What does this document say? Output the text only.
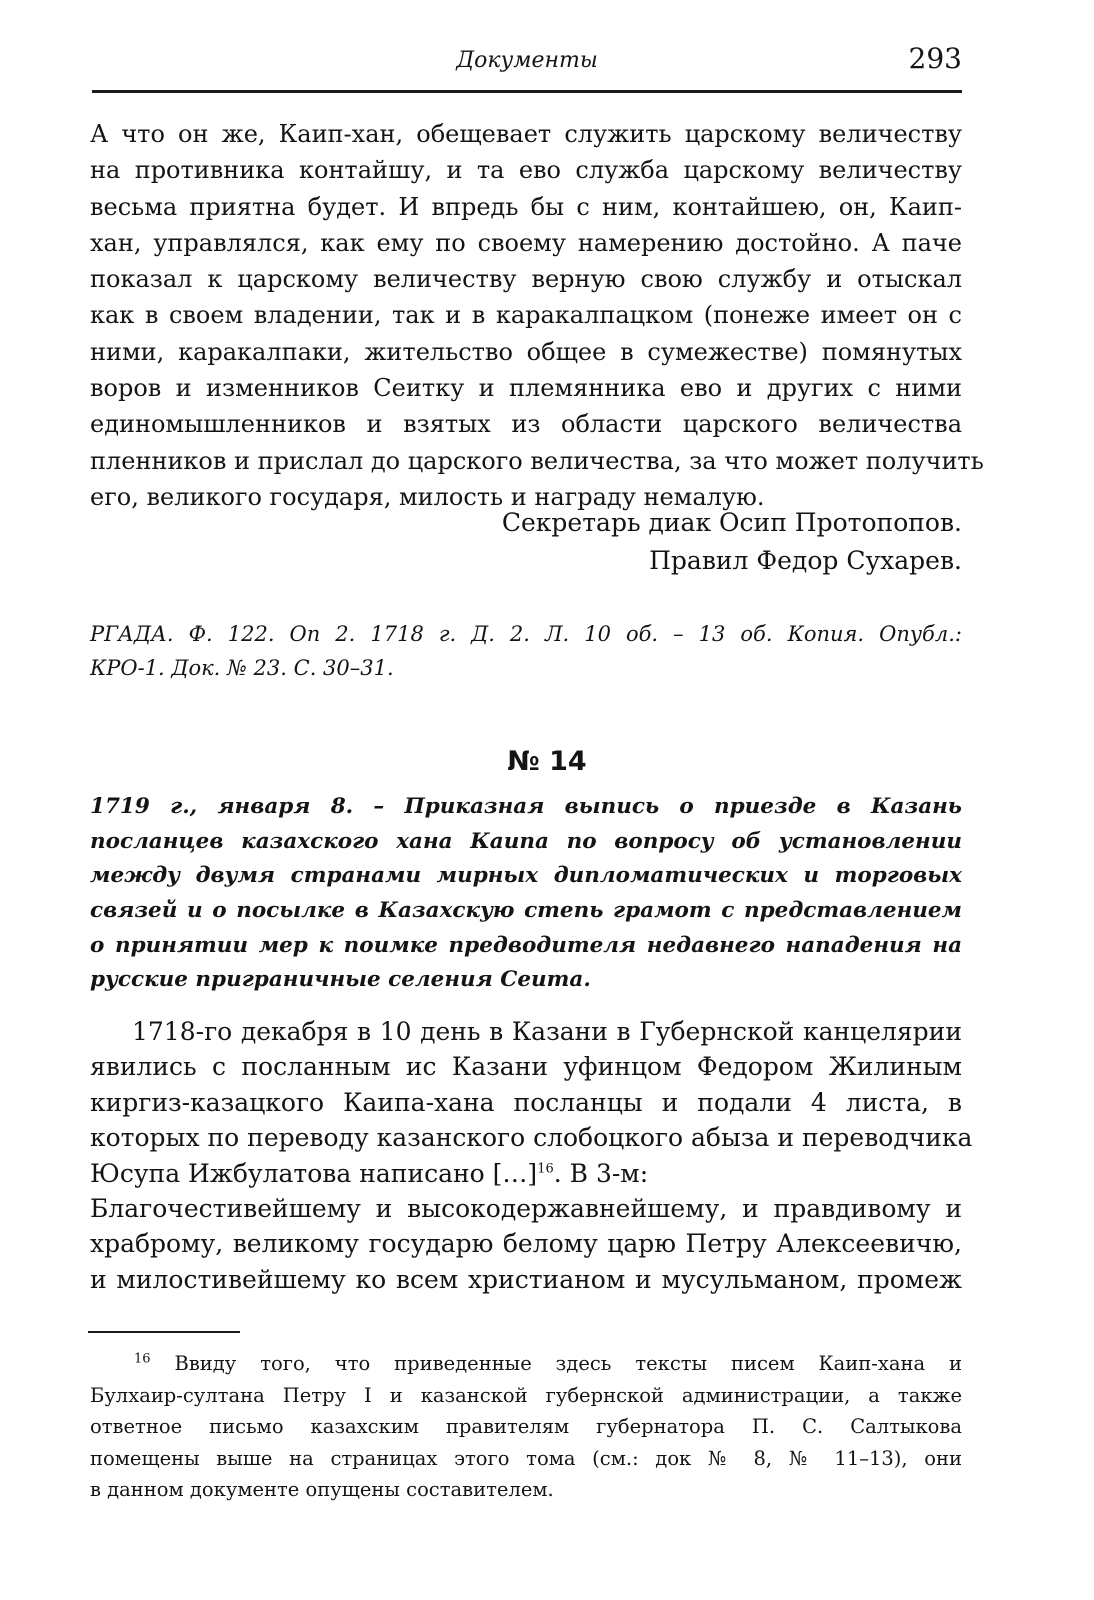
Документы	293
А что он же, Каип-хан, обещевает служить царскому величеству
на противника контайшу, и та ево служба царскому величеству
весьма приятна будет. И впредь бы с ним, контайшею, он, Каип-
хан, управлялся, как ему по своему намерению достойно. А паче
показал к царскому величеству верную свою службу и отыскал
как в своем владении, так и в каракалпацком (понеже имеет он с
ними, каракалпаки, жительство общее в сумежестве) помянутых
воров и изменников Сеитку и племянника ево и других с ними
единомышленников и взятых из области царского величества
пленников и прислал до царского величества, за что может получить
его, великого государя, милость и награду немалую.
Секретарь диак Осип Протопопов.
Правил Федор Сухарев.
РГАДА. Ф. 122. Оп 2. 1718 г. Д. 2. Л. 10 об. – 13 об. Копия. Опубл.:
КРО-1. Док. № 23. С. 30–31.
№ 14
1719 г., января 8. – Приказная выпись о приезде в Казань
посланцев казахского хана Каипа по вопросу об установлении
между двумя странами мирных дипломатических и торговых
связей и о посылке в Казахскую степь грамот с представлением
о принятии мер к поимке предводителя недавнего нападения на
русские приграничные селения Сеита.
1718-го декабря в 10 день в Казани в Губернской канцелярии
явились с посланным ис Казани уфинцом Федором Жилиным
киргиз-казацкого Каипа-хана посланцы и подали 4 листа, в
которых по переводу казанского слобоцкого абыза и переводчика
Юсупа Ижбулатова написано […]$^{16}$. В 3-м:
Благочестивейшему и высокодержавнейшему, и правдивому и
храброму, великому государю белому царю Петру Алексеевичю,
и милостивейшему ко всем христианом и мусульманом, промеж
$^{16}$ Ввиду того, что приведенные здесь тексты писем Каип-хана и
Булхаир-султана Петру I и казанской губернской администрации, а также
ответное письмо казахским правителям губернатора П. С. Салтыкова
помещены выше на страницах этого тома (см.: док № 8, № 11–13), они
в данном документе опущены составителем.
